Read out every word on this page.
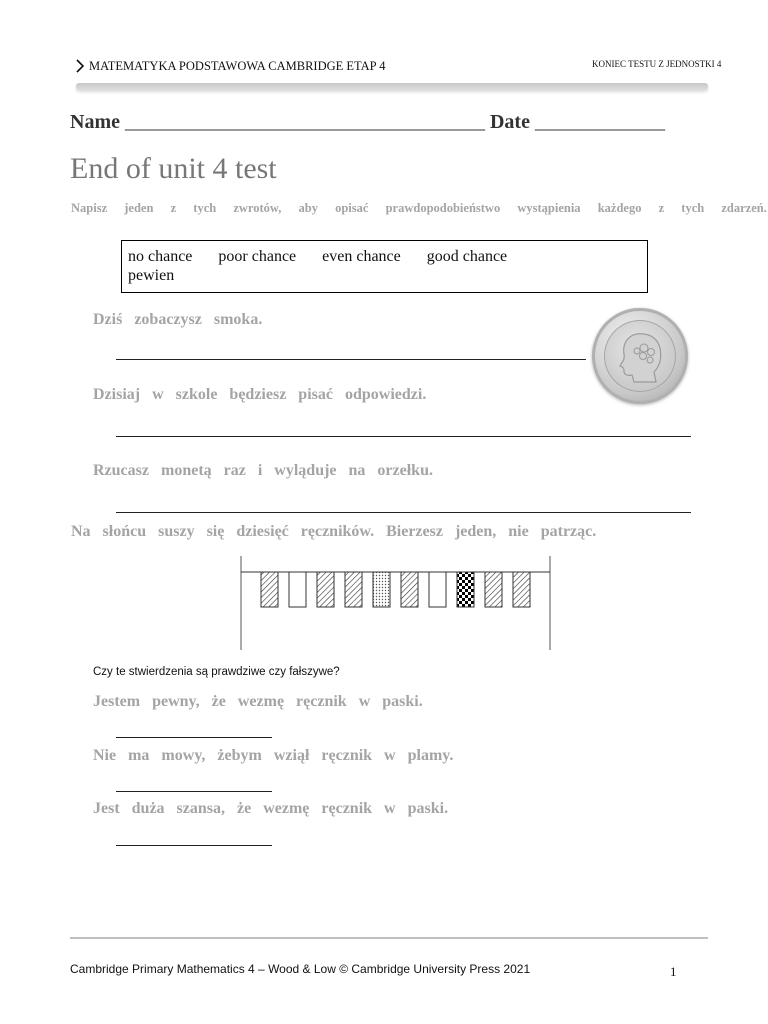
MATEMATYKA PODSTAWOWA CAMBRIDGE ETAP 4	KONIEC TESTU Z JEDNOSTKI 4
Name ____________________________________ Date _____________
End of unit 4 test
Napisz jeden z tych zwrotów, aby opisać prawdopodobieństwo wystąpienia każdego z tych zdarzeń.
no chance poor chance even chance good chance
pewien
Dziś zobaczysz smoka.
Dzisiaj w szkole będziesz pisać odpowiedzi.
Rzucasz monetą raz i wyląduje na orzełku.
Na słońcu suszy się dziesięć ręczników. Bierzesz jeden, nie patrząc.
Czy te stwierdzenia są prawdziwe czy fałszywe?
Jestem pewny, że wezmę ręcznik w paski.
Nie ma mowy, żebym wziął ręcznik w plamy.
Jest duża szansa, że wezmę ręcznik w paski.
Cambridge Primary Mathematics 4 – Wood & Low © Cambridge University Press 2021	1
